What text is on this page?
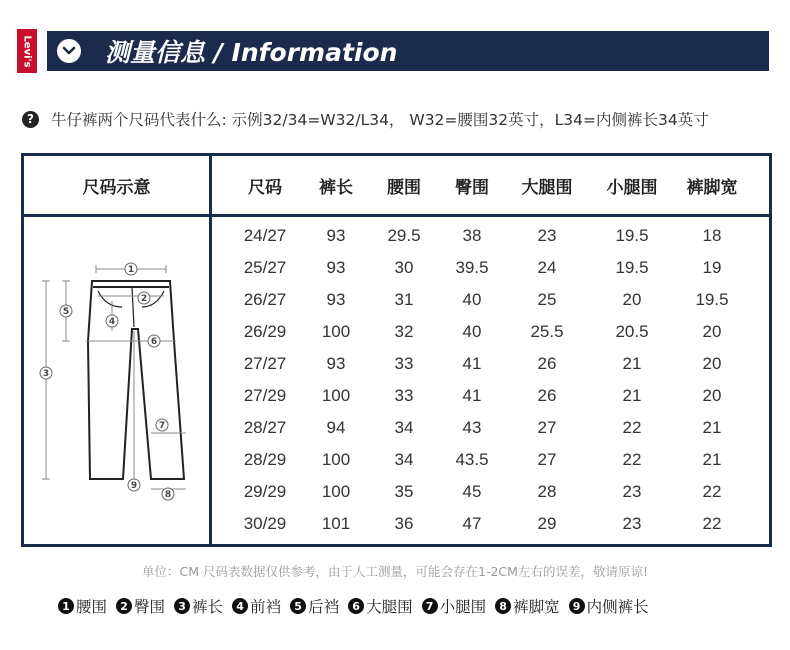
Levi's	测量信息 / Information
?	牛仔裤两个尺码代表什么: 示例32/34=W32/L34， W32=腰围32英寸，L34=内侧裤长34英寸
尺码示意	尺码	裤长	腰围	臀围	大腿围	小腿围	裤脚宽
24/27	93	29.5	38	23	19.5	18
25/27	93	30	39.5	24	19.5	19
26/27	93	31	40	25	20	19.5
26/29	100	32	40	25.5	20.5	20
27/27	93	33	41	26	21	20
27/29	100	33	41	26	21	20
28/27	94	34	43	27	22	21
28/29	100	34	43.5	27	22	21
29/29	100	35	45	28	23	22
30/29	101	36	47	29	23	22
1
2
3
4
5
6
7
8
9
单位：CM 尺码表数据仅供参考，由于人工测量，可能会存在1-2CM左右的误差，敬请原谅!
1 腰围	2 臀围	3 裤长	4 前裆	5 后裆	6 大腿围	7 小腿围	8 裤脚宽	9 内侧裤长
